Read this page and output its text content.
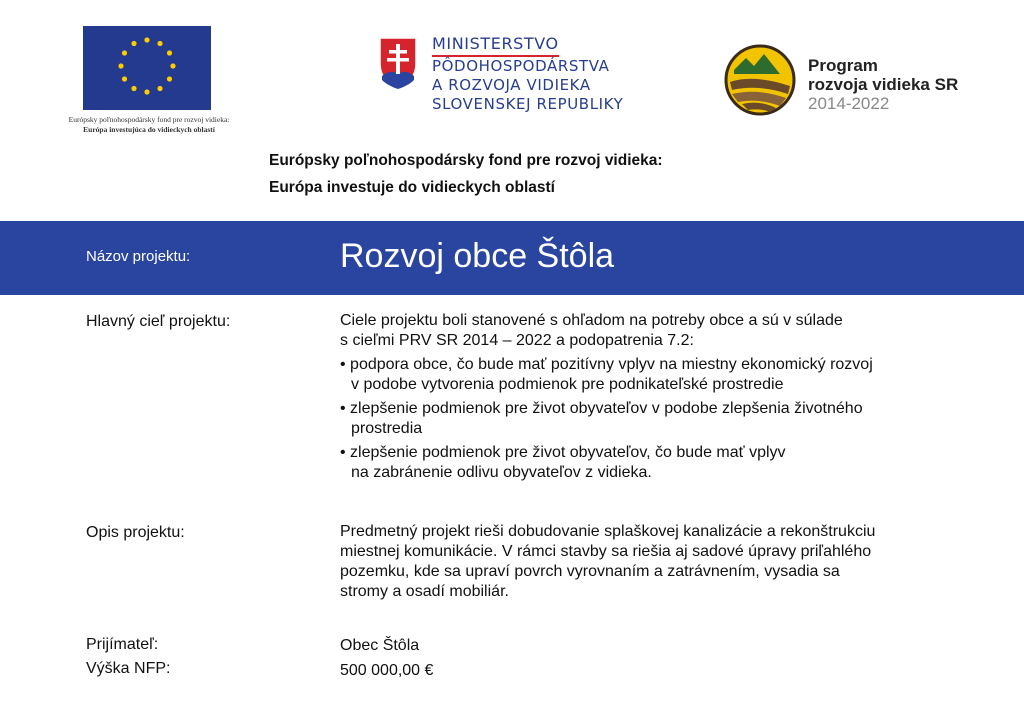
Európsky poľnohospodársky fond pre rozvoj vidieka:
Európa investujúca do vidieckych oblastí
MINISTERSTVO
PÔDOHOSPODÁRSTVA
A ROZVOJA VIDIEKA
SLOVENSKEJ REPUBLIKY
Program
rozvoja vidieka SR
2014-2022
Európsky poľnohospodársky fond pre rozvoj vidieka:
Európa investuje do vidieckych oblastí
Názov projektu:	Rozvoj obce Štôla
Hlavný cieľ projektu:	Ciele projektu boli stanovené s ohľadom na potreby obce a sú v súlade
s cieľmi PRV SR 2014 – 2022 a podopatrenia 7.2:
• podpora obce, čo bude mať pozitívny vplyv na miestny ekonomický rozvoj
v podobe vytvorenia podmienok pre podnikateľské prostredie
• zlepšenie podmienok pre život obyvateľov v podobe zlepšenia životného
prostredia
• zlepšenie podmienok pre život obyvateľov, čo bude mať vplyv
na zabránenie odlivu obyvateľov z vidieka.
Opis projektu:	Predmetný projekt rieši dobudovanie splaškovej kanalizácie a rekonštrukciu
miestnej komunikácie. V rámci stavby sa riešia aj sadové úpravy priľahlého
pozemku, kde sa upraví povrch vyrovnaním a zatrávnením, vysadia sa
stromy a osadí mobiliár.
Prijímateľ:	Obec Štôla
Výška NFP:	500 000,00 €
